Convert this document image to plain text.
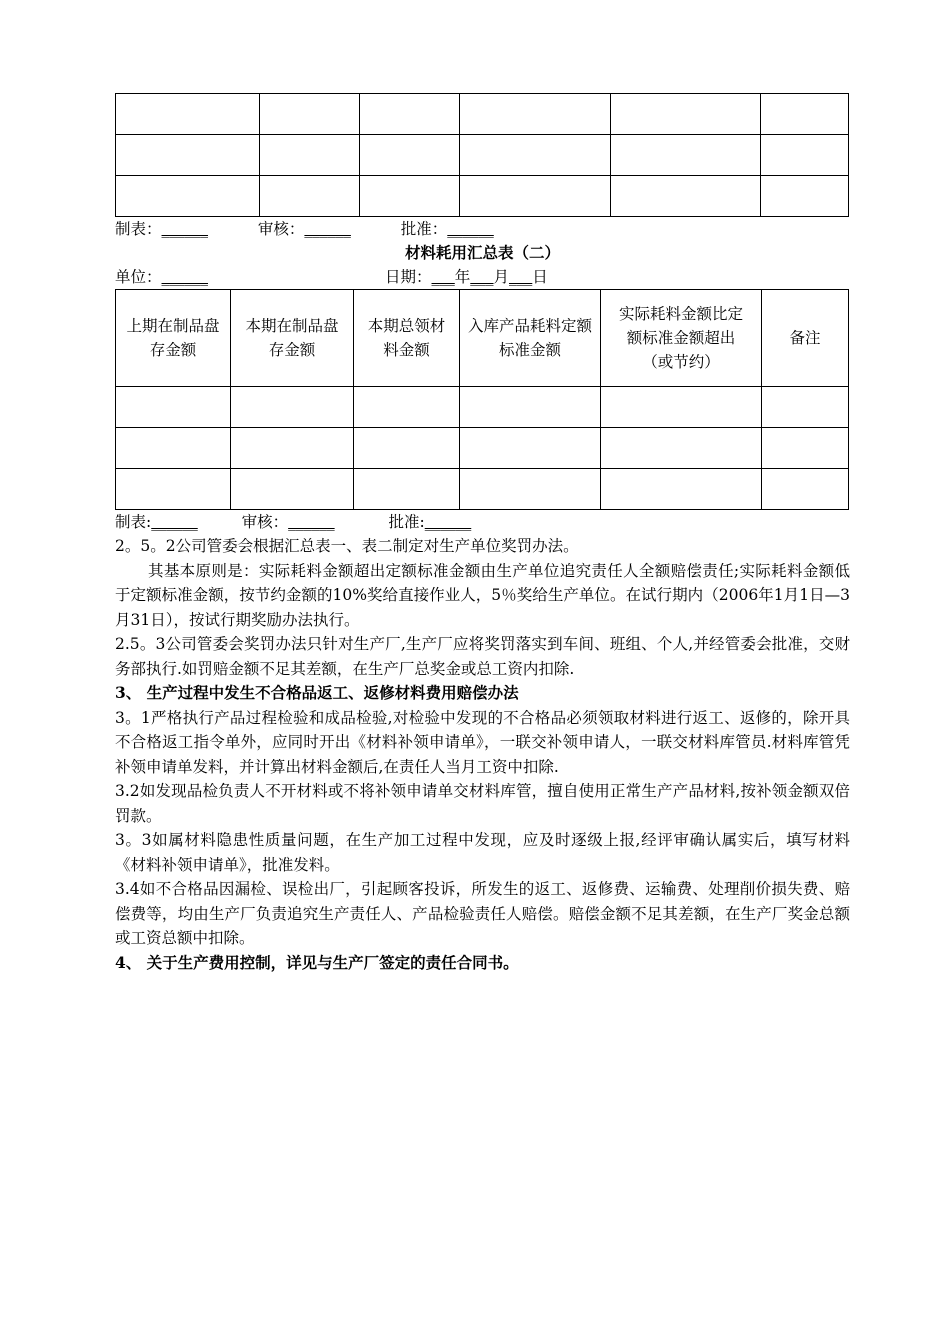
制表：______	审核：______	批准：______
材料耗用汇总表（二）
单位：______	日期：___年___月___日
上期在制品盘存金额	本期在制品盘存金额	本期总领材料金额	入库产品耗料定额标准金额	实际耗料金额比定额标准金额超出（或节约）	备注

制表:______	审核：______	批准:______

2。5。2公司管委会根据汇总表一、表二制定对生产单位奖罚办法。

其基本原则是：实际耗料金额超出定额标准金额由生产单位追究责任人全额赔偿责任;实际耗料金额低于定额标准金额，按节约金额的10%奖给直接作业人，5％奖给生产单位。在试行期内（2006年1月1日—3月31日），按试行期奖励办法执行。

2.5。3公司管委会奖罚办法只针对生产厂,生产厂应将奖罚落实到车间、班组、个人,并经管委会批准，交财务部执行.如罚赔金额不足其差额，在生产厂总奖金或总工资内扣除.

3、 生产过程中发生不合格品返工、返修材料费用赔偿办法

3。1严格执行产品过程检验和成品检验,对检验中发现的不合格品必须领取材料进行返工、返修的，除开具不合格返工指令单外，应同时开出《材料补领申请单》，一联交补领申请人，一联交材料库管员.材料库管凭补领申请单发料，并计算出材料金额后,在责任人当月工资中扣除.

3.2如发现品检负责人不开材料或不将补领申请单交材料库管，擅自使用正常生产产品材料,按补领金额双倍罚款。

3。3如属材料隐患性质量问题，在生产加工过程中发现，应及时逐级上报,经评审确认属实后，填写材料《材料补领申请单》，批准发料。

3.4如不合格品因漏检、误检出厂，引起顾客投诉，所发生的返工、返修费、运输费、处理削价损失费、赔偿费等，均由生产厂负责追究生产责任人、产品检验责任人赔偿。赔偿金额不足其差额，在生产厂奖金总额或工资总额中扣除。

4、 关于生产费用控制，详见与生产厂签定的责任合同书。
